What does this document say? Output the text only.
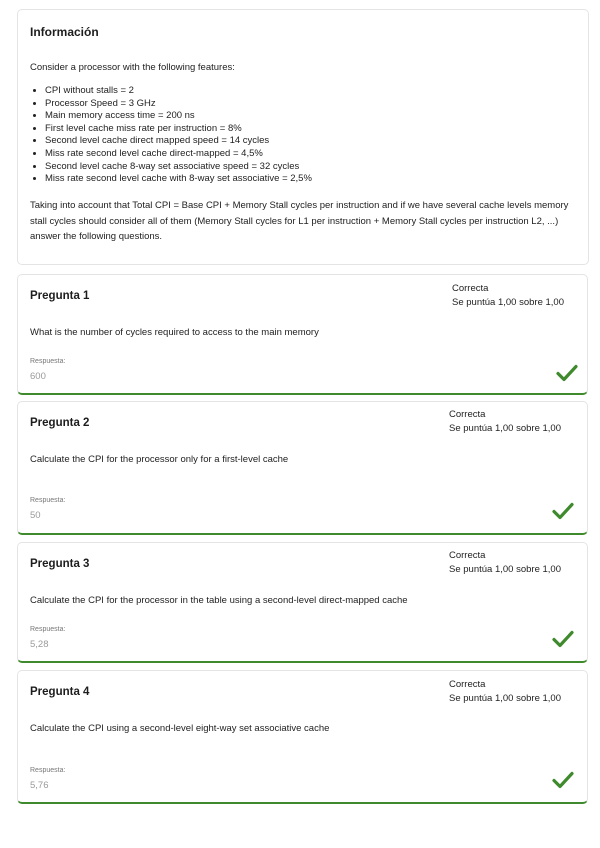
Información
Consider a processor with the following features:
• CPI without stalls = 2
• Processor Speed = 3 GHz
• Main memory access time = 200 ns
• First level cache miss rate per instruction = 8%
• Second level cache direct mapped speed = 14 cycles
• Miss rate second level cache direct-mapped = 4,5%
• Second level cache 8-way set associative speed = 32 cycles
• Miss rate second level cache with 8-way set associative = 2,5%
Taking into account that Total CPI = Base CPI + Memory Stall cycles per instruction and if we have several cache levels memory stall cycles should consider all of them (Memory Stall cycles for L1 per instruction + Memory Stall cycles per instruction L2, ...) answer the following questions.
Pregunta 1
Correcta
Se puntúa 1,00 sobre 1,00
What is the number of cycles required to access to the main memory
Respuesta:
600
Pregunta 2
Correcta
Se puntúa 1,00 sobre 1,00
Calculate the CPI for the processor only for a first-level cache
Respuesta:
50
Pregunta 3
Correcta
Se puntúa 1,00 sobre 1,00
Calculate the CPI for the processor in the table using a second-level direct-mapped cache
Respuesta:
5,28
Pregunta 4
Correcta
Se puntúa 1,00 sobre 1,00
Calculate the CPI using a second-level eight-way set associative cache
Respuesta:
5,76
